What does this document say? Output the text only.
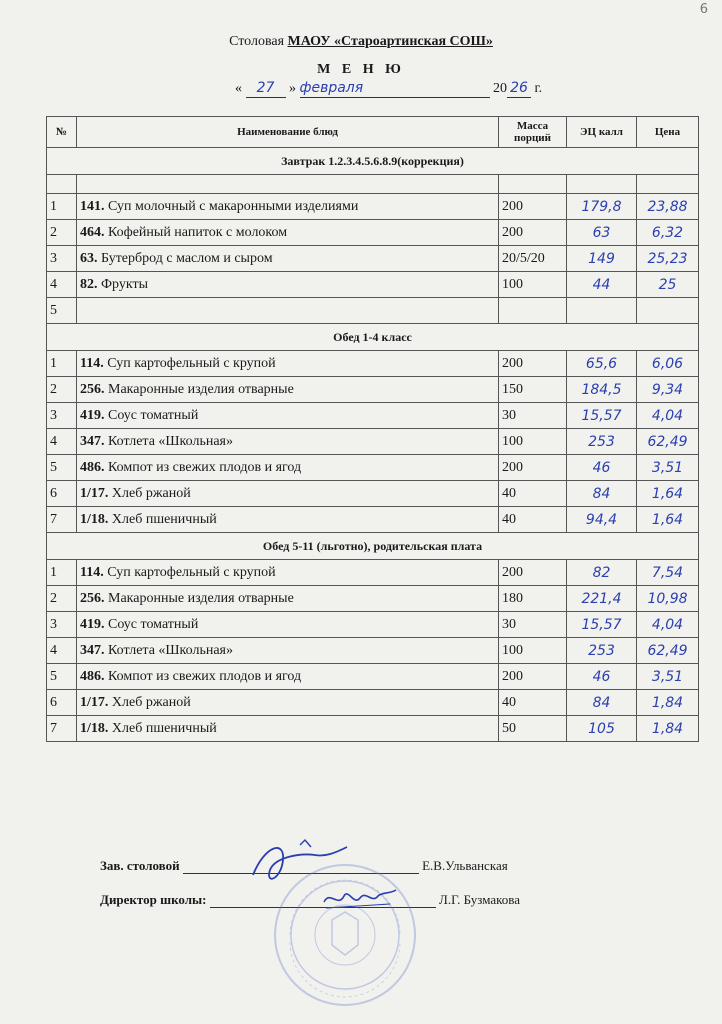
6
Столовая МАОУ «Староартинская СОШ»
М Е Н Ю
« 27 » февраля	20 26 г.
№	Наименование блюд	Масса порций	ЭЦ калл	Цена
Завтрак 1.2.3.4.5.6.8.9(коррекция)				

1	141. Суп молочный с макаронными изделиями	200	179,8	23,88
2	464. Кофейный напиток с молоком	200	63	6,32
3	63. Бутерброд с маслом и сыром	20/5/20	149	25,23
4	82. Фрукты	100	44	25
5				
Обед 1-4 класс				
1	114. Суп картофельный с крупой	200	65,6	6,06
2	256. Макаронные изделия отварные	150	184,5	9,34
3	419. Соус томатный	30	15,57	4,04
4	347. Котлета «Школьная»	100	253	62,49
5	486. Компот из свежих плодов и ягод	200	46	3,51
6	1/17. Хлеб ржаной	40	84	1,64
7	1/18. Хлеб пшеничный	40	94,4	1,64
Обед 5-11 (льготно), родительская плата				
1	114. Суп картофельный с крупой	200	82	7,54
2	256. Макаронные изделия отварные	180	221,4	10,98
3	419. Соус томатный	30	15,57	4,04
4	347. Котлета «Школьная»	100	253	62,49
5	486. Компот из свежих плодов и ягод	200	46	3,51
6	1/17. Хлеб ржаной	40	84	1,84
7	1/18. Хлеб пшеничный	50	105	1,84
Зав. столовой	Е.В.Ульванская
Директор школы:	Л.Г. Бузмакова
